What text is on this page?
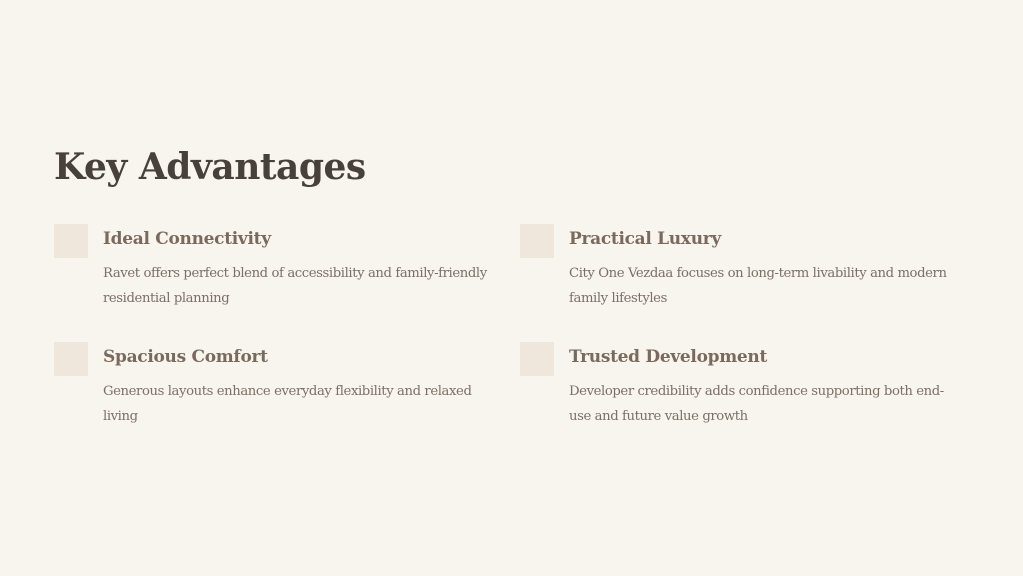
Key Advantages
Ideal Connectivity

Ravet offers perfect blend of accessibility and family-friendly residential planning

Practical Luxury

City One Vezdaa focuses on long-term livability and modern family lifestyles

Spacious Comfort

Generous layouts enhance everyday flexibility and relaxed living

Trusted Development

Developer credibility adds confidence supporting both end-use and future value growth
